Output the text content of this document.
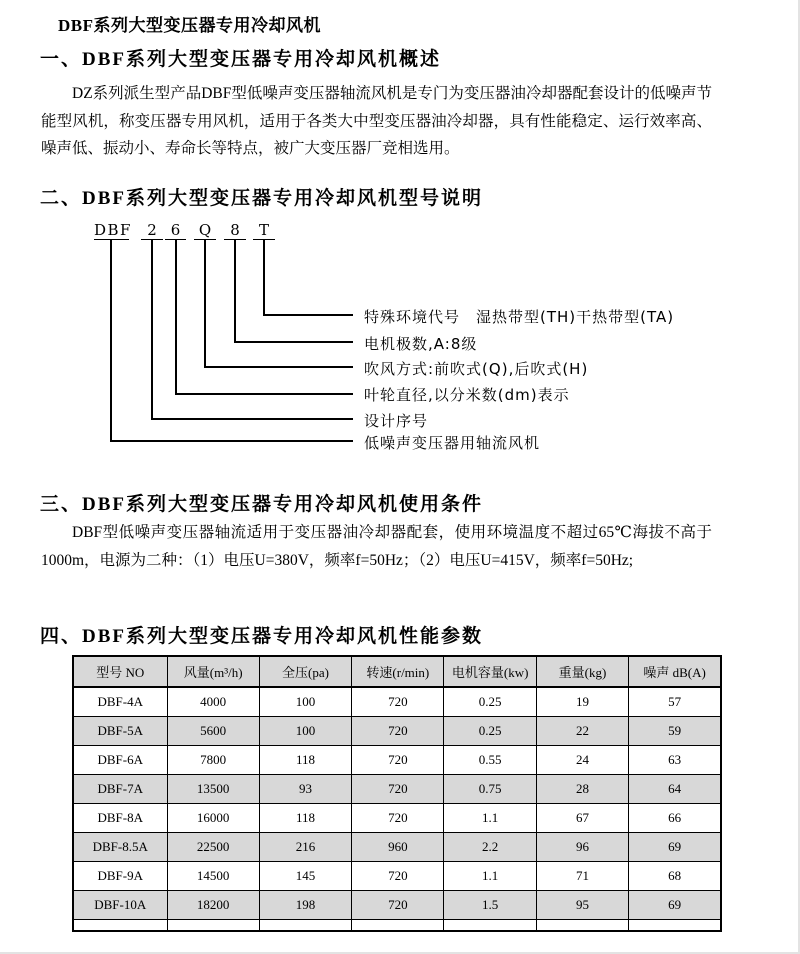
DBF系列大型变压器专用冷却风机
一、DBF系列大型变压器专用冷却风机概述

DZ系列派生型产品DBF型低噪声变压器轴流风机是专门为变压器油冷却器配套设计的低噪声节能型风机，称变压器专用风机，适用于各类大中型变压器油冷却器，具有性能稳定、运行效率高、噪声低、振动小、寿命长等特点，被广大变压器厂竞相选用。

二、DBF系列大型变压器专用冷却风机型号说明
DBF	2 6	Q	8	T
特殊环境代号　湿热带型(TH)干热带型(TA)
电机极数,A:8级
吹风方式:前吹式(Q),后吹式(H)
叶轮直径,以分米数(dm)表示
设计序号
低噪声变压器用轴流风机
三、DBF系列大型变压器专用冷却风机使用条件

DBF型低噪声变压器轴流适用于变压器油冷却器配套，使用环境温度不超过65℃海拔不高于1000m，电源为二种：（1）电压U=380V，频率f=50Hz；（2）电压U=415V，频率f=50Hz;

四、DBF系列大型变压器专用冷却风机性能参数
型号 NO	风量(m³/h)	全压(pa)	转速(r/min)	电机容量(kw)	重量(kg)	噪声 dB(A)
DBF-4A	4000	100	720	0.25	19	57
DBF-5A	5600	100	720	0.25	22	59
DBF-6A	7800	118	720	0.55	24	63
DBF-7A	13500	93	720	0.75	28	64
DBF-8A	16000	118	720	1.1	67	66
DBF-8.5A	22500	216	960	2.2	96	69
DBF-9A	14500	145	720	1.1	71	68
DBF-10A	18200	198	720	1.5	95	69
